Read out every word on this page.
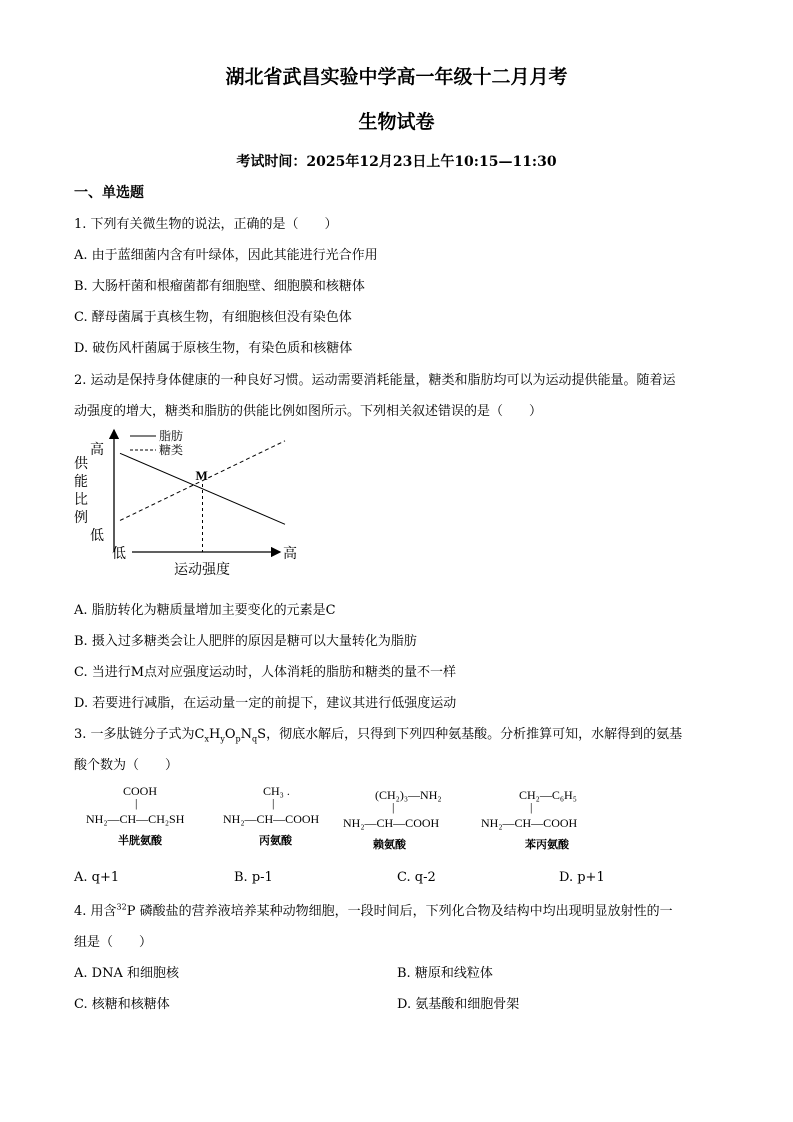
湖北省武昌实验中学高一年级十二月月考
生物试卷
考试时间：2025年12月23日上午10:15—11:30
一、单选题
1. 下列有关微生物的说法，正确的是（　　）
A. 由于蓝细菌内含有叶绿体，因此其能进行光合作用
B. 大肠杆菌和根瘤菌都有细胞壁、细胞膜和核糖体
C. 酵母菌属于真核生物，有细胞核但没有染色体
D. 破伤风杆菌属于原核生物，有染色质和核糖体
2. 运动是保持身体健康的一种良好习惯。运动需要消耗能量，糖类和脂肪均可以为运动提供能量。随着运
动强度的增大，糖类和脂肪的供能比例如图所示。下列相关叙述错误的是（　　）
供能比例
高
低
低	高
运动强度
脂肪
糖类
M
A. 脂肪转化为糖质量增加主要变化的元素是C
B. 摄入过多糖类会让人肥胖的原因是糖可以大量转化为脂肪
C. 当进行M点对应强度运动时，人体消耗的脂肪和糖类的量不一样
D. 若要进行减脂，在运动量一定的前提下，建议其进行低强度运动
3. 一多肽链分子式为$C_xH_yO_pN_qS$，彻底水解后，只得到下列四种氨基酸。分析推算可知，水解得到的氨基
酸个数为（　　）
COOH
|
NH₂—CH—CH₂SH
半胱氨酸
CH₃ .
|
NH₂—CH—COOH
丙氨酸
(CH₂)₃—NH₂
|
NH₂—CH—COOH
赖氨酸
CH₂—C₆H₅
|
NH₂—CH—COOH
苯丙氨酸
A. q+1	B. p-1	C. q-2	D. p+1
4. 用含$^{32}$P 磷酸盐的营养液培养某种动物细胞，一段时间后，下列化合物及结构中均出现明显放射性的一
组是（　　）
A. DNA 和细胞核	B. 糖原和线粒体
C. 核糖和核糖体	D. 氨基酸和细胞骨架
